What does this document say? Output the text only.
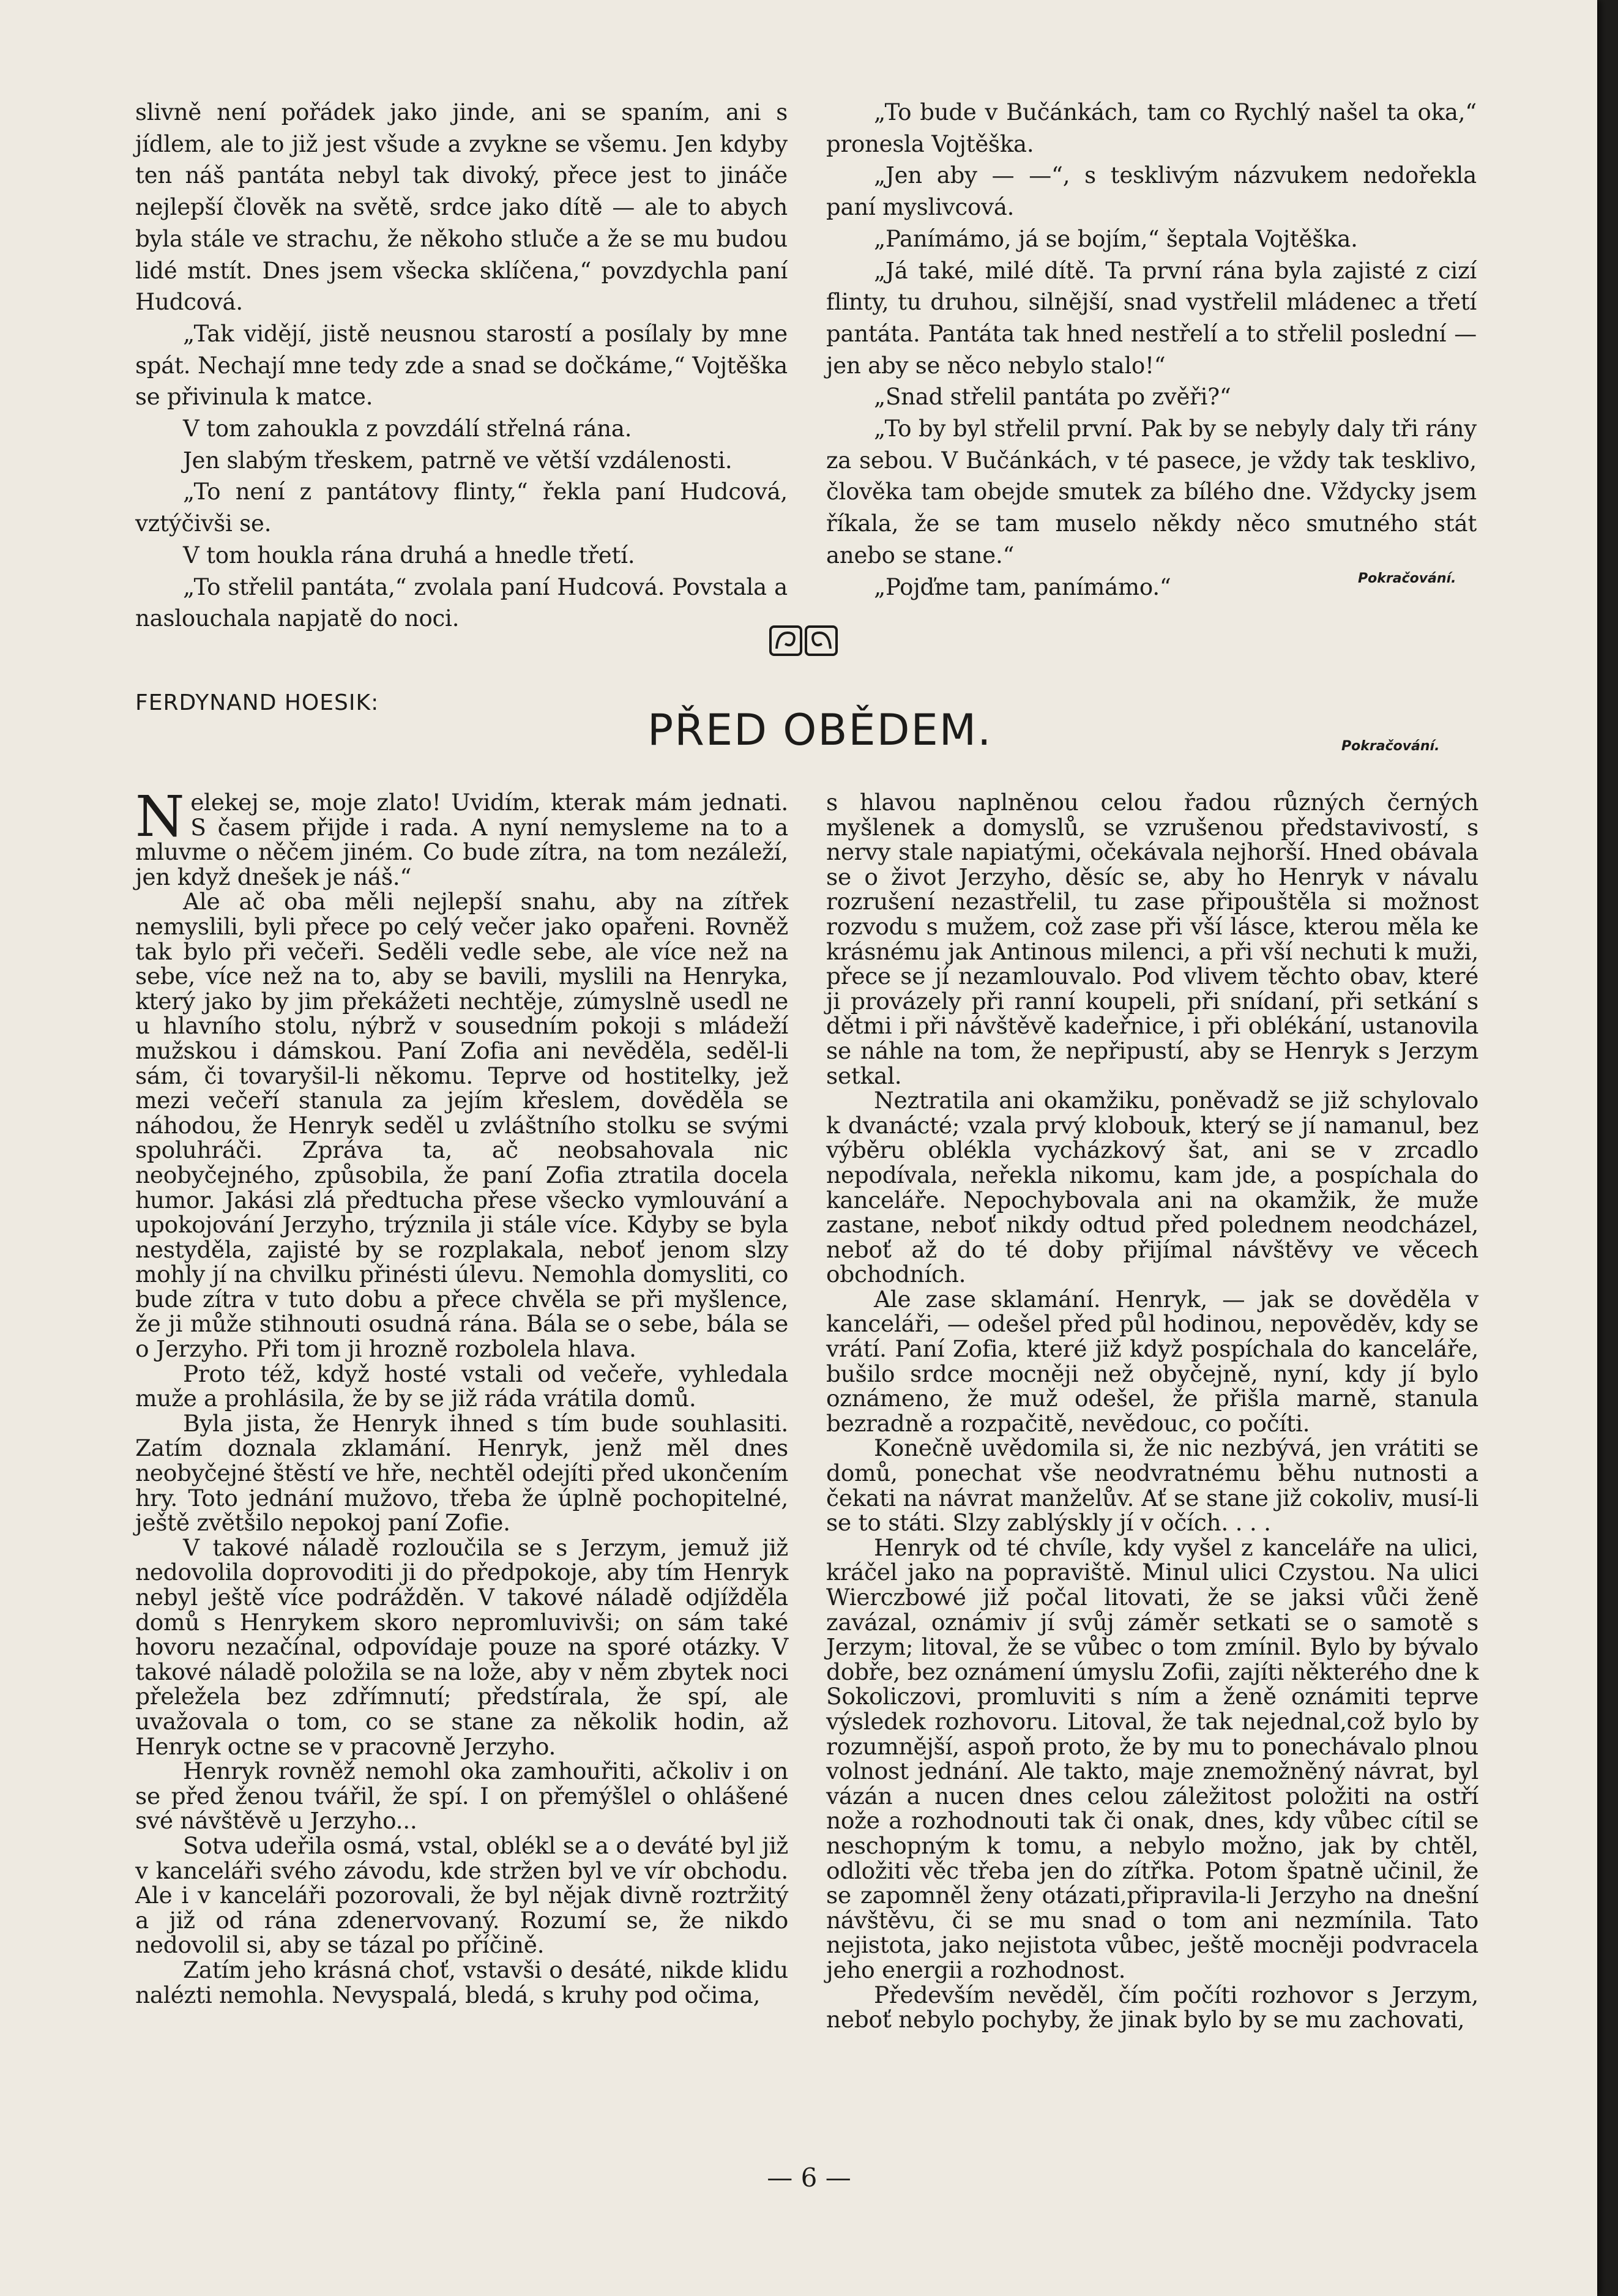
slivně není pořádek jako jinde, ani se spaním, ani s jídlem, ale to již jest všude a zvykne se všemu. Jen kdyby ten náš pantáta nebyl tak divoký, přece jest to jináče nejlepší člověk na světě, srdce jako dítě — ale to abych byla stále ve strachu, že někoho stluče a že se mu budou lidé mstít. Dnes jsem všecka sklíčena,“ povzdychla paní Hudcová.

„Tak vidějí, jistě neusnou starostí a posílaly by mne spát. Nechají mne tedy zde a snad se dočkáme,“ Vojtěška se přivinula k matce.

V tom zahoukla z povzdálí střelná rána.

Jen slabým třeskem, patrně ve větší vzdálenosti.

„To není z pantátovy flinty,“ řekla paní Hudcová, vztýčivši se.

V tom houkla rána druhá a hnedle třetí.

„To střelil pantáta,“ zvolala paní Hudcová. Povstala a naslouchala napjatě do noci.

„To bude v Bučánkách, tam co Rychlý našel ta oka,“ pronesla Vojtěška.

„Jen aby — —“, s tesklivým názvukem nedořekla paní myslivcová.

„Panímámo, já se bojím,“ šeptala Vojtěška.

„Já také, milé dítě. Ta první rána byla zajisté z cizí flinty, tu druhou, silnější, snad vystřelil mládenec a třetí pantáta. Pantáta tak hned nestřelí a to střelil poslední — jen aby se něco nebylo stalo!“

„Snad střelil pantáta po zvěři?“

„To by byl střelil první. Pak by se nebyly daly tři rány za sebou. V Bučánkách, v té pasece, je vždy tak tesklivo, člověka tam obejde smutek za bílého dne. Vždycky jsem říkala, že se tam muselo někdy něco smutného stát anebo se stane.“

„Pojďme tam, panímámo.“	Pokračování.
FERDYNAND HOESIK:
PŘED OBĚDEM.	Pokračování.

Nelekej se, moje zlato! Uvidím, kterak mám jednati. S časem přijde i rada. A nyní nemysleme na to a mluvme o něčem jiném. Co bude zítra, na tom nezáleží, jen když dnešek je náš.“

Ale ač oba měli nejlepší snahu, aby na zítřek nemyslili, byli přece po celý večer jako opařeni. Rovněž tak bylo při večeři. Seděli vedle sebe, ale více než na sebe, více než na to, aby se bavili, myslili na Henryka, který jako by jim překážeti nechtěje, zúmyslně usedl ne u hlavního stolu, nýbrž v sousedním pokoji s mládeží mužskou i dámskou. Paní Zofia ani nevěděla, seděl-li sám, či tovaryšil-li někomu. Teprve od hostitelky, jež mezi večeří stanula za jejím křeslem, dověděla se náhodou, že Henryk seděl u zvláštního stolku se svými spoluhráči. Zpráva ta, ač neobsahovala nic neobyčejného, způsobila, že paní Zofia ztratila docela humor. Jakási zlá předtucha přese všecko vymlouvání a upokojování Jerzyho, trýznila ji stále více. Kdyby se byla nestyděla, zajisté by se rozplakala, neboť jenom slzy mohly jí na chvilku přinésti úlevu. Nemohla domysliti, co bude zítra v tuto dobu a přece chvěla se při myšlence, že ji může stihnouti osudná rána. Bála se o sebe, bála se o Jerzyho. Při tom ji hrozně rozbolela hlava.

Proto též, když hosté vstali od večeře, vyhledala muže a prohlásila, že by se již ráda vrátila domů.

Byla jista, že Henryk ihned s tím bude souhlasiti. Zatím doznala zklamání. Henryk, jenž měl dnes neobyčejné štěstí ve hře, nechtěl odejíti před ukončením hry. Toto jednání mužovo, třeba že úplně pochopitelné, ještě zvětšilo nepokoj paní Zofie.

V takové náladě rozloučila se s Jerzym, jemuž již nedovolila doprovoditi ji do předpokoje, aby tím Henryk nebyl ještě více podrážděn. V takové náladě odjížděla domů s Henrykem skoro nepromluvivši; on sám také hovoru nezačínal, odpovídaje pouze na sporé otázky. V takové náladě položila se na lože, aby v něm zbytek noci přeležela bez zdřímnutí; předstírala, že spí, ale uvažovala o tom, co se stane za několik hodin, až Henryk octne se v pracovně Jerzyho.

Henryk rovněž nemohl oka zamhouřiti, ačkoliv i on se před ženou tvářil, že spí. I on přemýšlel o ohlášené své návštěvě u Jerzyho...

Sotva udeřila osmá, vstal, oblékl se a o deváté byl již v kanceláři svého závodu, kde stržen byl ve vír obchodu. Ale i v kanceláři pozorovali, že byl nějak divně roztržitý a již od rána zdenervovaný. Rozumí se, že nikdo nedovolil si, aby se tázal po příčině.

Zatím jeho krásná choť, vstavši o desáté, nikde klidu nalézti nemohla. Nevyspalá, bledá, s kruhy pod očima,

s hlavou naplněnou celou řadou různých černých myšlenek a domyslů, se vzrušenou představivostí, s nervy stale napiatými, očekávala nejhorší. Hned obávala se o život Jerzyho, děsíc se, aby ho Henryk v návalu rozrušení nezastřelil, tu zase připouštěla si možnost rozvodu s mužem, což zase při vší lásce, kterou měla ke krásnému jak Antinous milenci, a při vší nechuti k muži, přece se jí nezamlouvalo. Pod vlivem těchto obav, které ji provázely při ranní koupeli, při snídaní, při setkání s dětmi i při návštěvě kadeřnice, i při oblékání, ustanovila se náhle na tom, že nepřipustí, aby se Henryk s Jerzym setkal.

Neztratila ani okamžiku, poněvadž se již schylovalo k dvanácté; vzala prvý klobouk, který se jí namanul, bez výběru oblékla vycházkový šat, ani se v zrcadlo nepodívala, neřekla nikomu, kam jde, a pospíchala do kanceláře. Nepochybovala ani na okamžik, že muže zastane, neboť nikdy odtud před polednem neodcházel, neboť až do té doby přijímal návštěvy ve věcech obchodních.

Ale zase sklamání. Henryk, — jak se dověděla v kanceláři, — odešel před půl hodinou, nepověděv, kdy se vrátí. Paní Zofia, které již když pospíchala do kanceláře, bušilo srdce mocněji než obyčejně, nyní, kdy jí bylo oznámeno, že muž odešel, že přišla marně, stanula bezradně a rozpačitě, nevědouc, co počíti.

Konečně uvědomila si, že nic nezbývá, jen vrátiti se domů, ponechat vše neodvratnému běhu nutnosti a čekati na návrat manželův. Ať se stane již cokoliv, musí-li se to státi. Slzy zablýskly jí v očích. . . .

Henryk od té chvíle, kdy vyšel z kanceláře na ulici, kráčel jako na popraviště. Minul ulici Czystou. Na ulici Wierczbowé již počal litovati, že se jaksi vůči ženě zavázal, oznámiv jí svůj záměr setkati se o samotě s Jerzym; litoval, že se vůbec o tom zmínil. Bylo by bývalo dobře, bez oznámení úmyslu Zofii, zajíti některého dne k Sokoliczovi, promluviti s ním a ženě oznámiti teprve výsledek rozhovoru. Litoval, že tak nejednal,což bylo by rozumnější, aspoň proto, že by mu to ponechávalo plnou volnost jednání. Ale takto, maje znemožněný návrat, byl vázán a nucen dnes celou záležitost položiti na ostří nože a rozhodnouti tak či onak, dnes, kdy vůbec cítil se neschopným k tomu, a nebylo možno, jak by chtěl, odložiti věc třeba jen do zítřka. Potom špatně učinil, že se zapomněl ženy otázati,připravila-li Jerzyho na dnešní návštěvu, či se mu snad o tom ani nezmínila. Tato nejistota, jako nejistota vůbec, ještě mocněji podvracela jeho energii a rozhodnost.

Především nevěděl, čím počíti rozhovor s Jerzym, neboť nebylo pochyby, že jinak bylo by se mu zachovati,

— 6 —
